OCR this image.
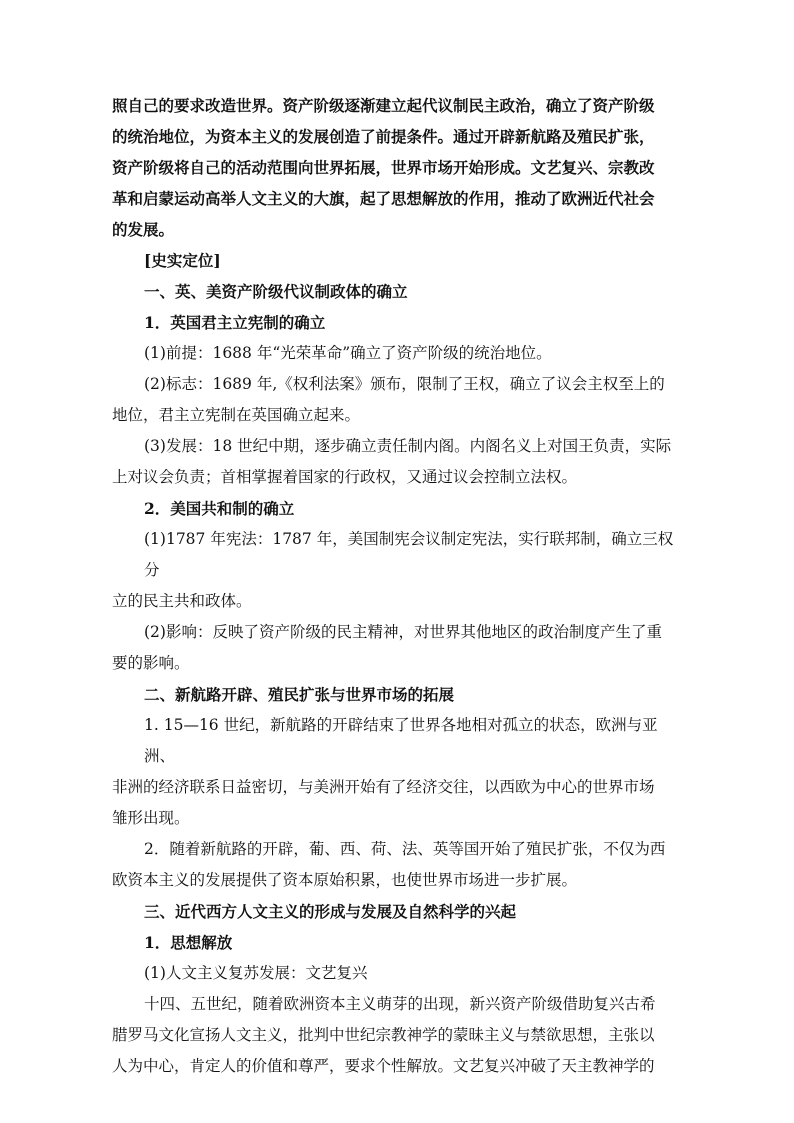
照自己的要求改造世界。资产阶级逐渐建立起代议制民主政治，确立了资产阶级
的统治地位，为资本主义的发展创造了前提条件。通过开辟新航路及殖民扩张，
资产阶级将自己的活动范围向世界拓展，世界市场开始形成。文艺复兴、宗教改
革和启蒙运动高举人文主义的大旗，起了思想解放的作用，推动了欧洲近代社会
的发展。
[史实定位]
一、英、美资产阶级代议制政体的确立
1．英国君主立宪制的确立
(1)前提：1688 年“光荣革命”确立了资产阶级的统治地位。
(2)标志：1689 年,《权利法案》颁布，限制了王权，确立了议会主权至上的
地位，君主立宪制在英国确立起来。
(3)发展：18 世纪中期，逐步确立责任制内阁。内阁名义上对国王负责，实际
上对议会负责；首相掌握着国家的行政权，又通过议会控制立法权。
2．美国共和制的确立
(1)1787 年宪法：1787 年，美国制宪会议制定宪法，实行联邦制，确立三权分
立的民主共和政体。
(2)影响：反映了资产阶级的民主精神，对世界其他地区的政治制度产生了重
要的影响。
二、新航路开辟、殖民扩张与世界市场的拓展
1. 15—16 世纪，新航路的开辟结束了世界各地相对孤立的状态，欧洲与亚洲、
非洲的经济联系日益密切，与美洲开始有了经济交往，以西欧为中心的世界市场
雏形出现。
2．随着新航路的开辟，葡、西、荷、法、英等国开始了殖民扩张，不仅为西
欧资本主义的发展提供了资本原始积累，也使世界市场进一步扩展。
三、近代西方人文主义的形成与发展及自然科学的兴起
1．思想解放
(1)人文主义复苏发展：文艺复兴
十四、五世纪，随着欧洲资本主义萌芽的出现，新兴资产阶级借助复兴古希
腊罗马文化宣扬人文主义，批判中世纪宗教神学的蒙昧主义与禁欲思想，主张以
人为中心，肯定人的价值和尊严，要求个性解放。文艺复兴冲破了天主教神学的
